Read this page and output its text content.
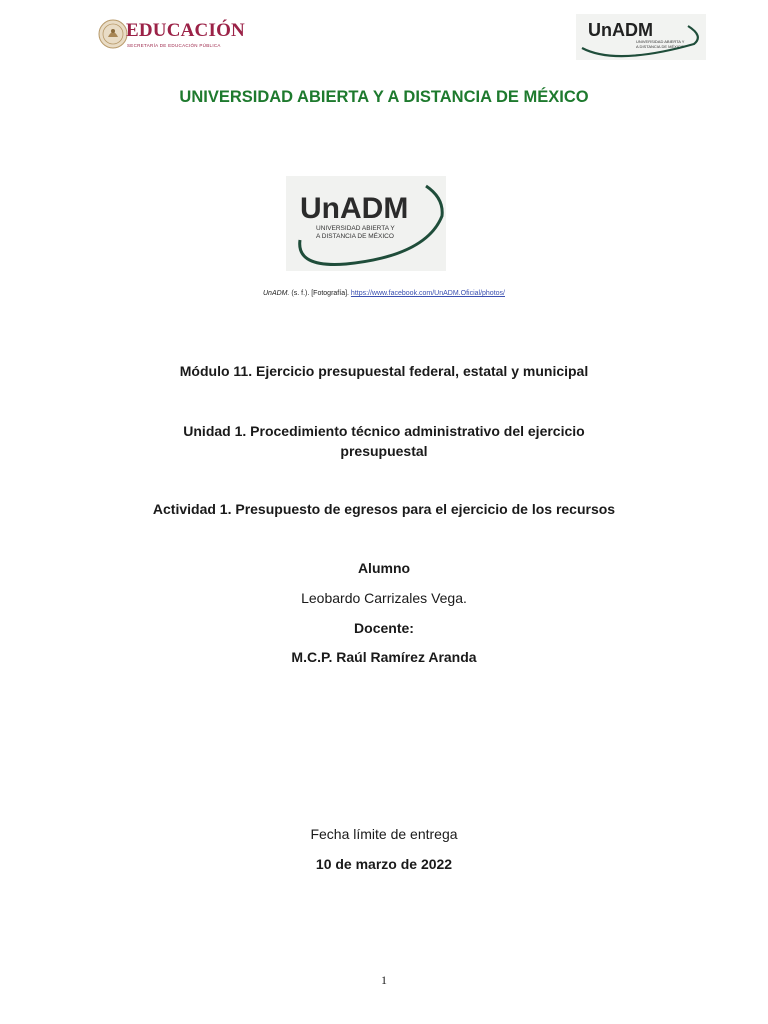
EDUCACIÓN
SECRETARÍA DE EDUCACIÓN PÚBLICA
UnADM
UNIVERSIDAD ABIERTA Y
A DISTANCIA DE MÉXICO
UNIVERSIDAD ABIERTA Y A DISTANCIA DE MÉXICO
UnADM
UNIVERSIDAD ABIERTA Y
A DISTANCIA DE MÉXICO
UnADM. (s. f.). [Fotografía]. https://www.facebook.com/UnADM.Oficial/photos/
Módulo 11. Ejercicio presupuestal federal, estatal y municipal
Unidad 1. Procedimiento técnico administrativo del ejercicio
presupuestal
Actividad 1. Presupuesto de egresos para el ejercicio de los recursos
Alumno
Leobardo Carrizales Vega.
Docente:
M.C.P. Raúl Ramírez Aranda
Fecha límite de entrega
10 de marzo de 2022
1
